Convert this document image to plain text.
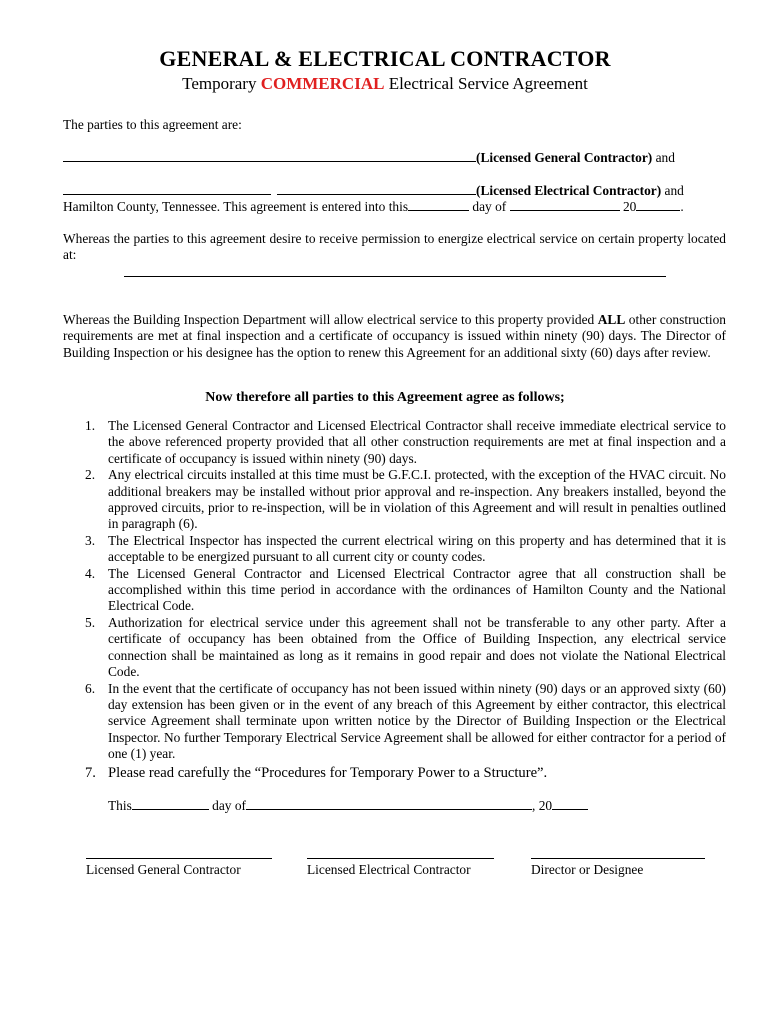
GENERAL & ELECTRICAL CONTRACTOR
Temporary COMMERCIAL Electrical Service Agreement
The parties to this agreement are:
(Licensed General Contractor) and
(Licensed Electrical Contractor) and
Hamilton County, Tennessee. This agreement is entered into this	day of	20	.
Whereas the parties to this agreement desire to receive permission to energize electrical service on certain property located at:
Whereas the Building Inspection Department will allow electrical service to this property provided ALL other construction requirements are met at final inspection and a certificate of occupancy is issued within ninety (90) days. The Director of Building Inspection or his designee has the option to renew this Agreement for an additional sixty (60) days after review.
Now therefore all parties to this Agreement agree as follows;
1. The Licensed General Contractor and Licensed Electrical Contractor shall receive immediate electrical service to the above referenced property provided that all other construction requirements are met at final inspection and a certificate of occupancy is issued within ninety (90) days.
2. Any electrical circuits installed at this time must be G.F.C.I. protected, with the exception of the HVAC circuit. No additional breakers may be installed without prior approval and re-inspection. Any breakers installed, beyond the approved circuits, prior to re-inspection, will be in violation of this Agreement and will result in penalties outlined in paragraph (6).
3. The Electrical Inspector has inspected the current electrical wiring on this property and has determined that it is acceptable to be energized pursuant to all current city or county codes.
4. The Licensed General Contractor and Licensed Electrical Contractor agree that all construction shall be accomplished within this time period in accordance with the ordinances of Hamilton County and the National Electrical Code.
5. Authorization for electrical service under this agreement shall not be transferable to any other party. After a certificate of occupancy has been obtained from the Office of Building Inspection, any electrical service connection shall be maintained as long as it remains in good repair and does not violate the National Electrical Code.
6. In the event that the certificate of occupancy has not been issued within ninety (90) days or an approved sixty (60) day extension has been given or in the event of any breach of this Agreement by either contractor, this electrical service Agreement shall terminate upon written notice by the Director of Building Inspection or the Electrical Inspector. No further Temporary Electrical Service Agreement shall be allowed for either contractor for a period of one (1) year.
7. Please read carefully the “Procedures for Temporary Power to a Structure”.
This	day of	, 20
Licensed General Contractor	Licensed Electrical Contractor	Director or Designee
